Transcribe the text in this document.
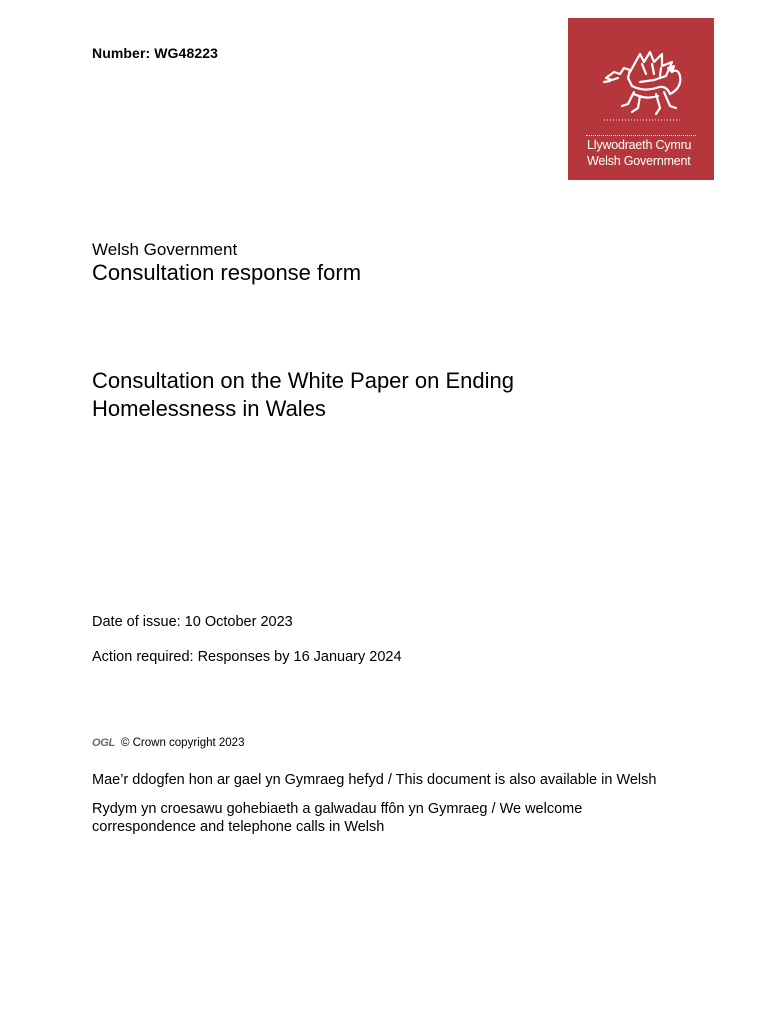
Number: WG48223
Llywodraeth Cymru
Welsh Government
Welsh Government
Consultation response form
Consultation on the White Paper on Ending
Homelessness in Wales
Date of issue: 10 October 2023
Action required: Responses by 16 January 2024
OGL © Crown copyright 2023
Mae’r ddogfen hon ar gael yn Gymraeg hefyd / This document is also available in Welsh
Rydym yn croesawu gohebiaeth a galwadau ffôn yn Gymraeg / We welcome
correspondence and telephone calls in Welsh
